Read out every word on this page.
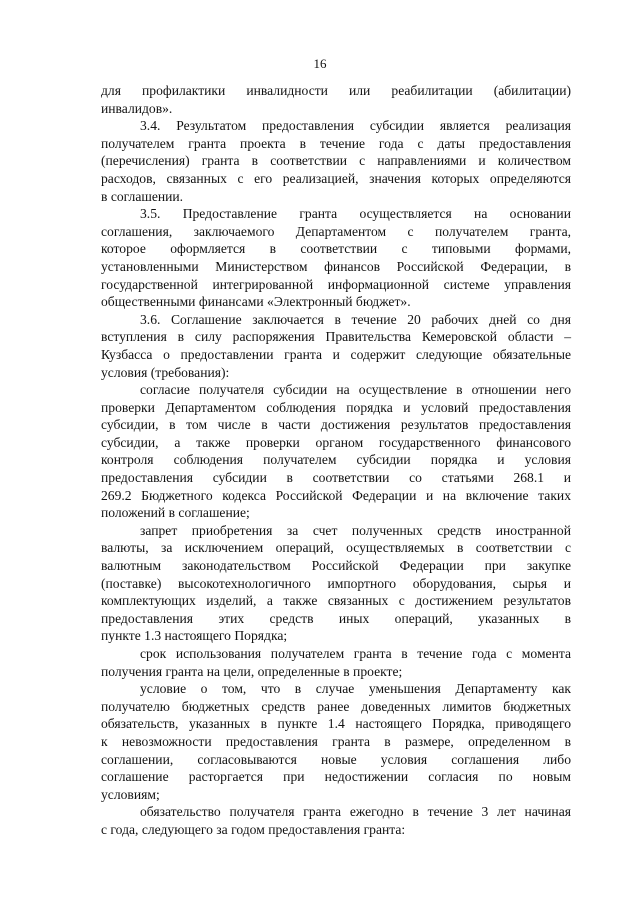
16
для профилактики инвалидности или реабилитации (абилитации)
инвалидов».
3.4. Результатом предоставления субсидии является реализация
получателем гранта проекта в течение года с даты предоставления
(перечисления) гранта в соответствии с направлениями и количеством
расходов, связанных с его реализацией, значения которых определяются
в соглашении.
3.5. Предоставление гранта осуществляется на основании
соглашения, заключаемого Департаментом с получателем гранта,
которое оформляется в соответствии с типовыми формами,
установленными Министерством финансов Российской Федерации, в
государственной интегрированной информационной системе управления
общественными финансами «Электронный бюджет».
3.6. Соглашение заключается в течение 20 рабочих дней со дня
вступления в силу распоряжения Правительства Кемеровской области –
Кузбасса о предоставлении гранта и содержит следующие обязательные
условия (требования):
согласие получателя субсидии на осуществление в отношении него
проверки Департаментом соблюдения порядка и условий предоставления
субсидии, в том числе в части достижения результатов предоставления
субсидии, а также проверки органом государственного финансового
контроля соблюдения получателем субсидии порядка и условия
предоставления субсидии в соответствии со статьями 268.1 и
269.2 Бюджетного кодекса Российской Федерации и на включение таких
положений в соглашение;
запрет приобретения за счет полученных средств иностранной
валюты, за исключением операций, осуществляемых в соответствии с
валютным законодательством Российской Федерации при закупке
(поставке) высокотехнологичного импортного оборудования, сырья и
комплектующих изделий, а также связанных с достижением результатов
предоставления этих средств иных операций, указанных в
пункте 1.3 настоящего Порядка;
срок использования получателем гранта в течение года с момента
получения гранта на цели, определенные в проекте;
условие о том, что в случае уменьшения Департаменту как
получателю бюджетных средств ранее доведенных лимитов бюджетных
обязательств, указанных в пункте 1.4 настоящего Порядка, приводящего
к невозможности предоставления гранта в размере, определенном в
соглашении, согласовываются новые условия соглашения либо
соглашение расторгается при недостижении согласия по новым
условиям;
обязательство получателя гранта ежегодно в течение 3 лет начиная
с года, следующего за годом предоставления гранта:
